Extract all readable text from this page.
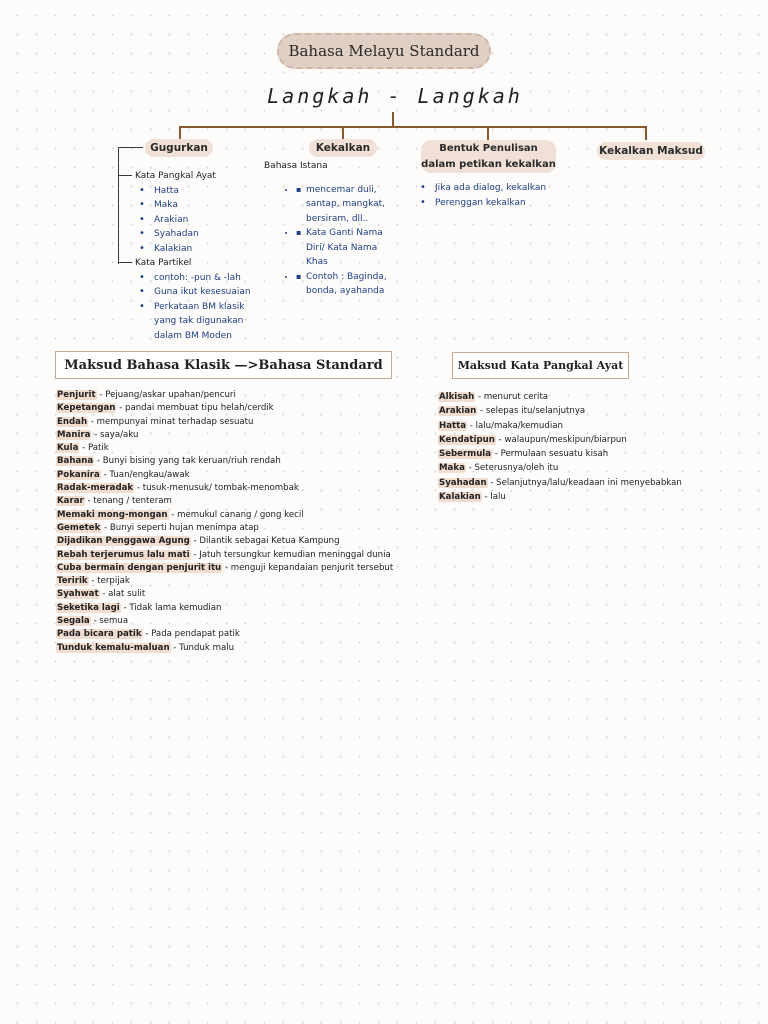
Bahasa Melayu Standard
Langkah - Langkah
Gugurkan
Kata Pangkal Ayat
• Hatta
• Maka
• Arakian
• Syahadan
• Kalakian
Kata Partikel
• contoh: -pun & -lah
• Guna ikut kesesuaian
• Perkataan BM klasik yang tak digunakan dalam BM Moden
Kekalkan
Bahasa Istana
▪ • mencemar duli, santap, mangkat, bersiram, dll..
▪ • Kata Ganti Nama Diri/ Kata Nama Khas
▪ • Contoh : Baginda, bonda, ayahanda
Bentuk Penulisan dalam petikan kekalkan
• Jika ada dialog, kekalkan
• Perenggan kekalkan
Kekalkan Maksud
Maksud Bahasa Klasik —>Bahasa Standard
Penjurit - Pejuang/askar upahan/pencuri
Kepetangan - pandai membuat tipu helah/cerdik
Endah - mempunyai minat terhadap sesuatu
Manira - saya/aku
Kula - Patik
Bahana - Bunyi bising yang tak keruan/riuh rendah
Pokanira - Tuan/engkau/awak
Radak-meradak - tusuk-menusuk/ tombak-menombak
Karar - tenang / tenteram
Memaki mong-mongan - memukul canang / gong kecil
Gemetek - Bunyi seperti hujan menimpa atap
Dijadikan Penggawa Agung - Dilantik sebagai Ketua Kampung
Rebah terjerumus lalu mati - Jatuh tersungkur kemudian meninggal dunia
Cuba bermain dengan penjurit itu - menguji kepandaian penjurit tersebut
Teririk - terpijak
Syahwat - alat sulit
Seketika lagi - Tidak lama kemudian
Segala - semua
Pada bicara patik - Pada pendapat patik
Tunduk kemalu-maluan - Tunduk malu
Maksud Kata Pangkal Ayat
Alkisah - menurut cerita
Arakian - selepas itu/selanjutnya
Hatta - lalu/maka/kemudian
Kendatipun - walaupun/meskipun/biarpun
Sebermula - Permulaan sesuatu kisah
Maka - Seterusnya/oleh itu
Syahadan - Selanjutnya/lalu/keadaan ini menyebabkan
Kalakian - lalu
